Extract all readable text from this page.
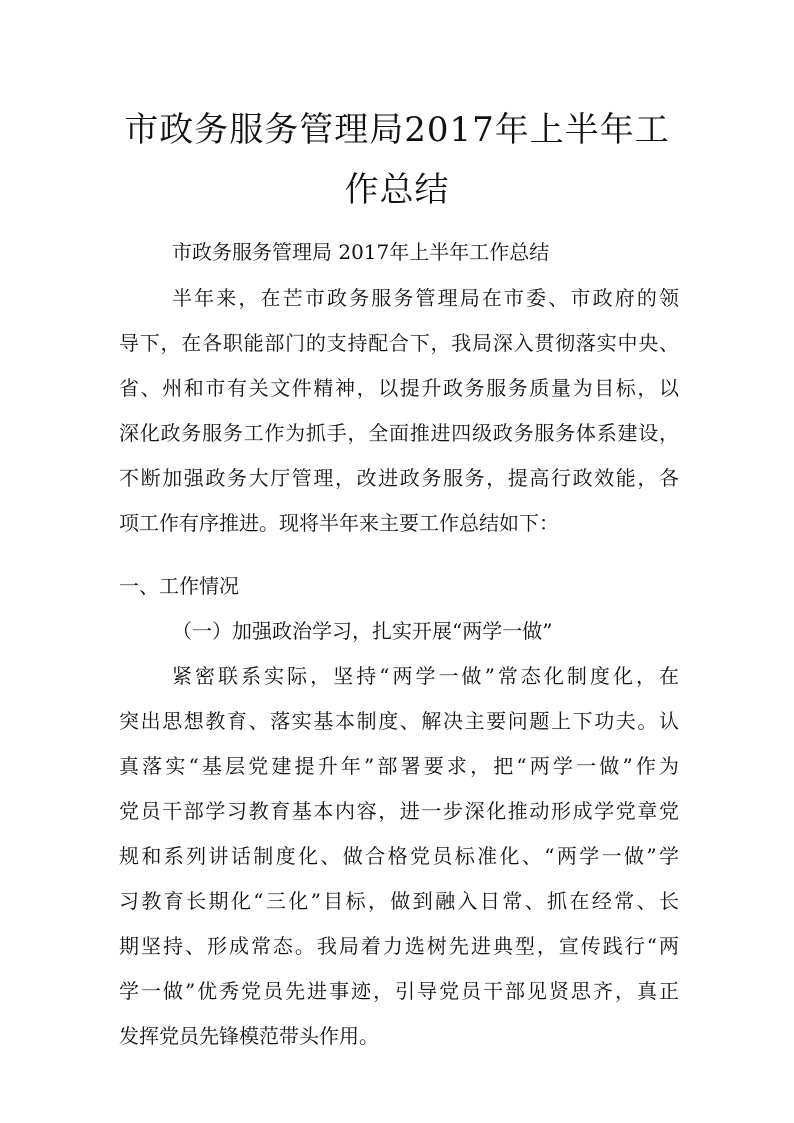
市政务服务管理局2017年上半年工
作总结

市政务服务管理局 2017年上半年工作总结

半年来，在芒市政务服务管理局在市委、市政府的领

导下，在各职能部门的支持配合下，我局深入贯彻落实中央、

省、州和市有关文件精神，以提升政务服务质量为目标，以

深化政务服务工作为抓手，全面推进四级政务服务体系建设，

不断加强政务大厅管理，改进政务服务，提高行政效能，各

项工作有序推进。现将半年来主要工作总结如下：

一、工作情况

（一）加强政治学习，扎实开展“两学一做”

紧密联系实际，坚持“两学一做”常态化制度化，在

突出思想教育、落实基本制度、解决主要问题上下功夫。认

真落实“基层党建提升年”部署要求，把“两学一做”作为

党员干部学习教育基本内容，进一步深化推动形成学党章党

规和系列讲话制度化、做合格党员标准化、“两学一做”学

习教育长期化“三化”目标，做到融入日常、抓在经常、长

期坚持、形成常态。我局着力选树先进典型，宣传践行“两

学一做”优秀党员先进事迹，引导党员干部见贤思齐，真正

发挥党员先锋模范带头作用。
